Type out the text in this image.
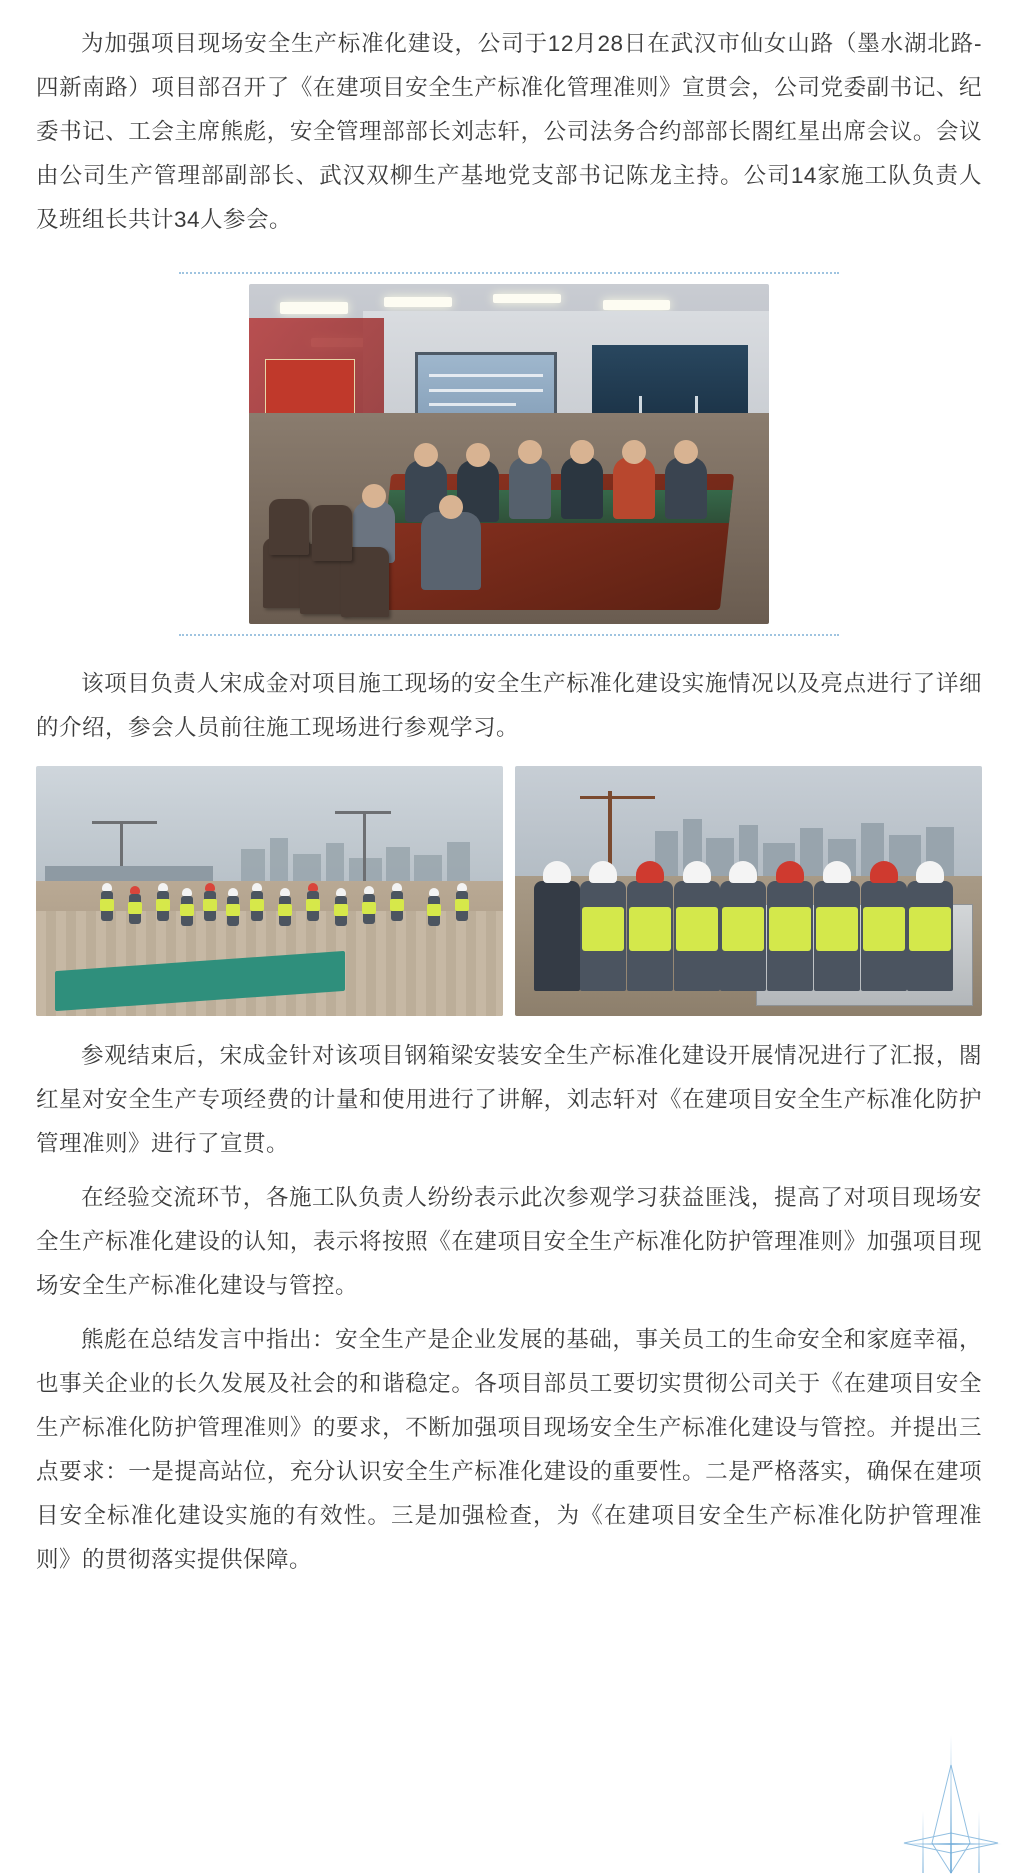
为加强项目现场安全生产标准化建设，公司于12月28日在武汉市仙女山路（墨水湖北路-四新南路）项目部召开了《在建项目安全生产标准化管理准则》宣贯会，公司党委副书记、纪委书记、工会主席熊彪，安全管理部部长刘志轩，公司法务合约部部长閤红星出席会议。会议由公司生产管理部副部长、武汉双柳生产基地党支部书记陈龙主持。公司14家施工队负责人及班组长共计34人参会。

该项目负责人宋成金对项目施工现场的安全生产标准化建设实施情况以及亮点进行了详细的介绍，参会人员前往施工现场进行参观学习。

参观结束后，宋成金针对该项目钢箱梁安装安全生产标准化建设开展情况进行了汇报，閤红星对安全生产专项经费的计量和使用进行了讲解，刘志轩对《在建项目安全生产标准化防护管理准则》进行了宣贯。

在经验交流环节，各施工队负责人纷纷表示此次参观学习获益匪浅，提高了对项目现场安全生产标准化建设的认知，表示将按照《在建项目安全生产标准化防护管理准则》加强项目现场安全生产标准化建设与管控。

熊彪在总结发言中指出：安全生产是企业发展的基础，事关员工的生命安全和家庭幸福，也事关企业的长久发展及社会的和谐稳定。各项目部员工要切实贯彻公司关于《在建项目安全生产标准化防护管理准则》的要求，不断加强项目现场安全生产标准化建设与管控。并提出三点要求：一是提高站位，充分认识安全生产标准化建设的重要性。二是严格落实，确保在建项目安全标准化建设实施的有效性。三是加强检查，为《在建项目安全生产标准化防护管理准则》的贯彻落实提供保障。
